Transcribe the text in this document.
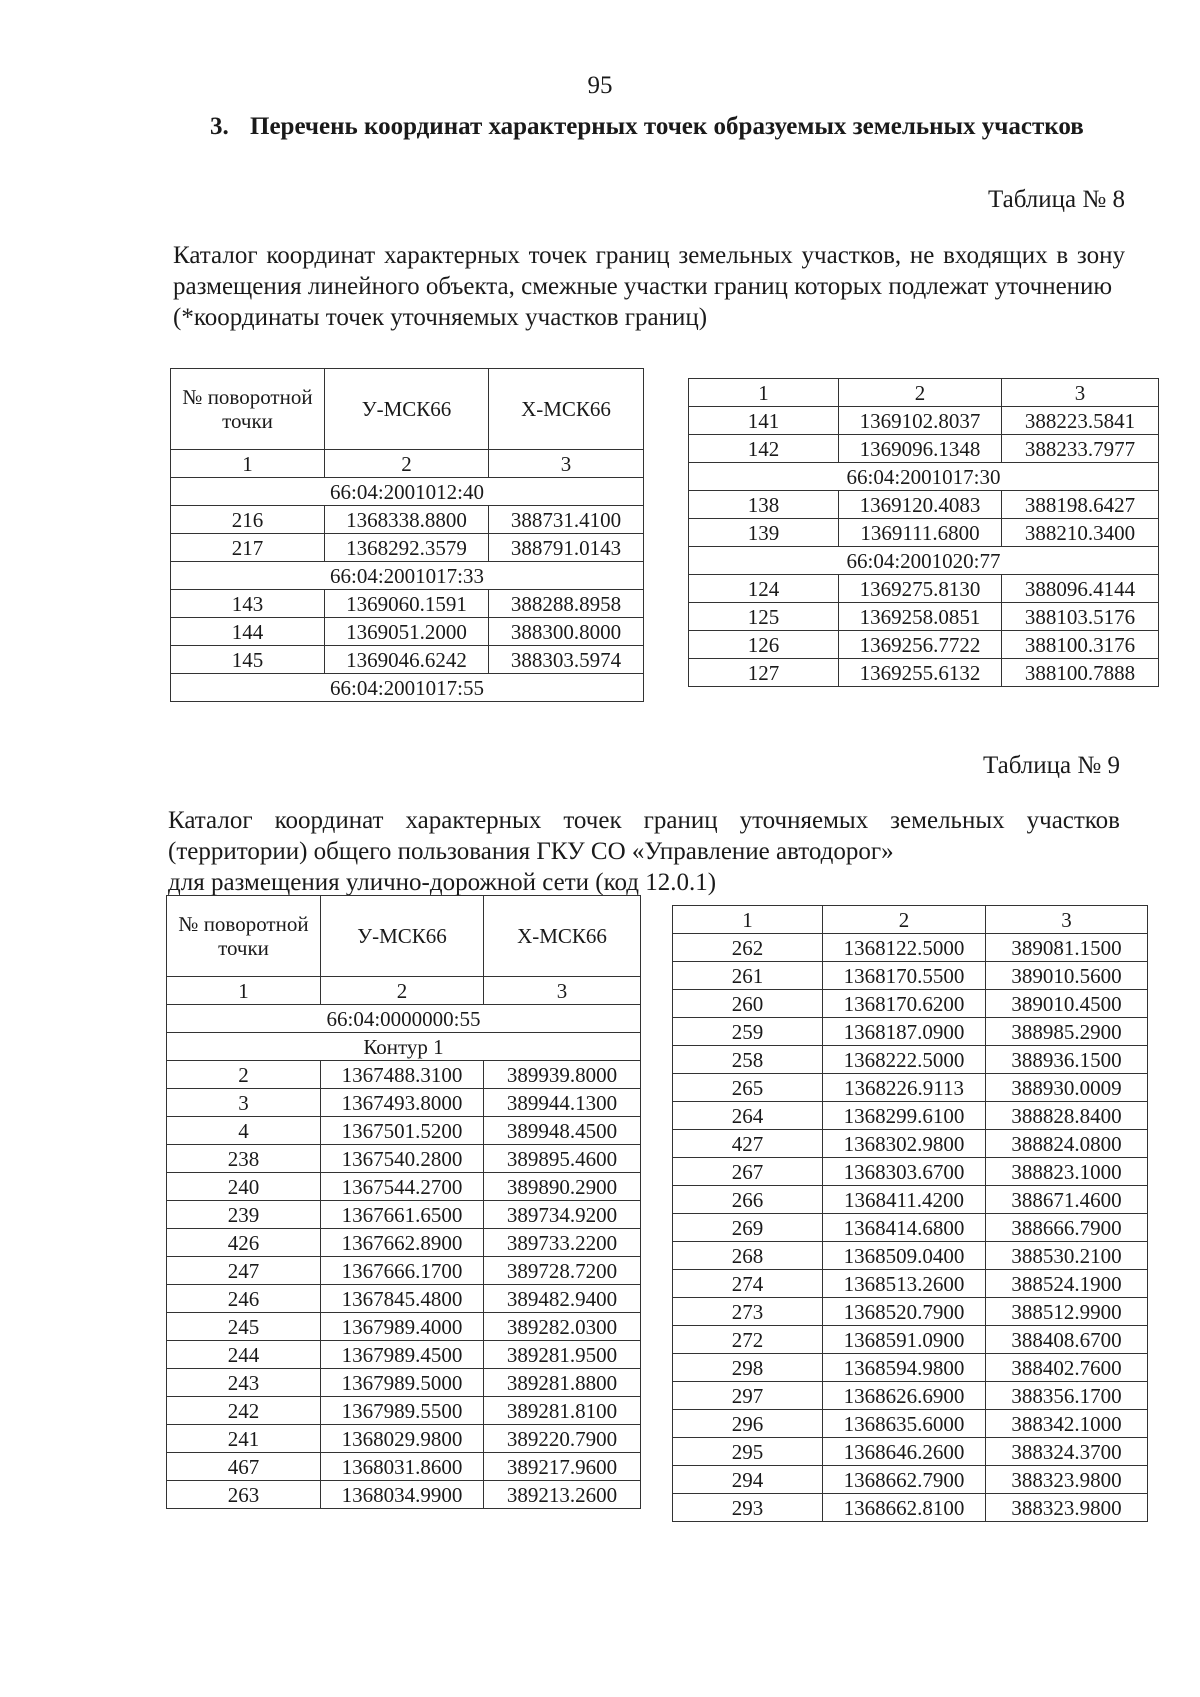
95
3. Перечень координат характерных точек образуемых земельных участков
Таблица № 8
Каталог координат характерных точек границ земельных участков, не входящих в зону размещения линейного объекта, смежные участки границ которых подлежат уточнению
(*координаты точек уточняемых участков границ)
№ поворотной точки	У-МСК66	Х-МСК66
1	2	3
66:04:2001012:40		
216	1368338.8800	388731.4100
217	1368292.3579	388791.0143
66:04:2001017:33		
143	1369060.1591	388288.8958
144	1369051.2000	388300.8000
145	1369046.6242	388303.5974
66:04:2001017:55		
1	2	3
141	1369102.8037	388223.5841
142	1369096.1348	388233.7977
66:04:2001017:30		
138	1369120.4083	388198.6427
139	1369111.6800	388210.3400
66:04:2001020:77		
124	1369275.8130	388096.4144
125	1369258.0851	388103.5176
126	1369256.7722	388100.3176
127	1369255.6132	388100.7888
Таблица № 9
Каталог координат характерных точек границ уточняемых земельных участков (территории) общего пользования ГКУ СО «Управление автодорог»
для размещения улично-дорожной сети (код 12.0.1)
№ поворотной точки	У-МСК66	Х-МСК66
1	2	3
66:04:0000000:55		
Контур 1		
2	1367488.3100	389939.8000
3	1367493.8000	389944.1300
4	1367501.5200	389948.4500
238	1367540.2800	389895.4600
240	1367544.2700	389890.2900
239	1367661.6500	389734.9200
426	1367662.8900	389733.2200
247	1367666.1700	389728.7200
246	1367845.4800	389482.9400
245	1367989.4000	389282.0300
244	1367989.4500	389281.9500
243	1367989.5000	389281.8800
242	1367989.5500	389281.8100
241	1368029.9800	389220.7900
467	1368031.8600	389217.9600
263	1368034.9900	389213.2600
1	2	3
262	1368122.5000	389081.1500
261	1368170.5500	389010.5600
260	1368170.6200	389010.4500
259	1368187.0900	388985.2900
258	1368222.5000	388936.1500
265	1368226.9113	388930.0009
264	1368299.6100	388828.8400
427	1368302.9800	388824.0800
267	1368303.6700	388823.1000
266	1368411.4200	388671.4600
269	1368414.6800	388666.7900
268	1368509.0400	388530.2100
274	1368513.2600	388524.1900
273	1368520.7900	388512.9900
272	1368591.0900	388408.6700
298	1368594.9800	388402.7600
297	1368626.6900	388356.1700
296	1368635.6000	388342.1000
295	1368646.2600	388324.3700
294	1368662.7900	388323.9800
293	1368662.8100	388323.9800
